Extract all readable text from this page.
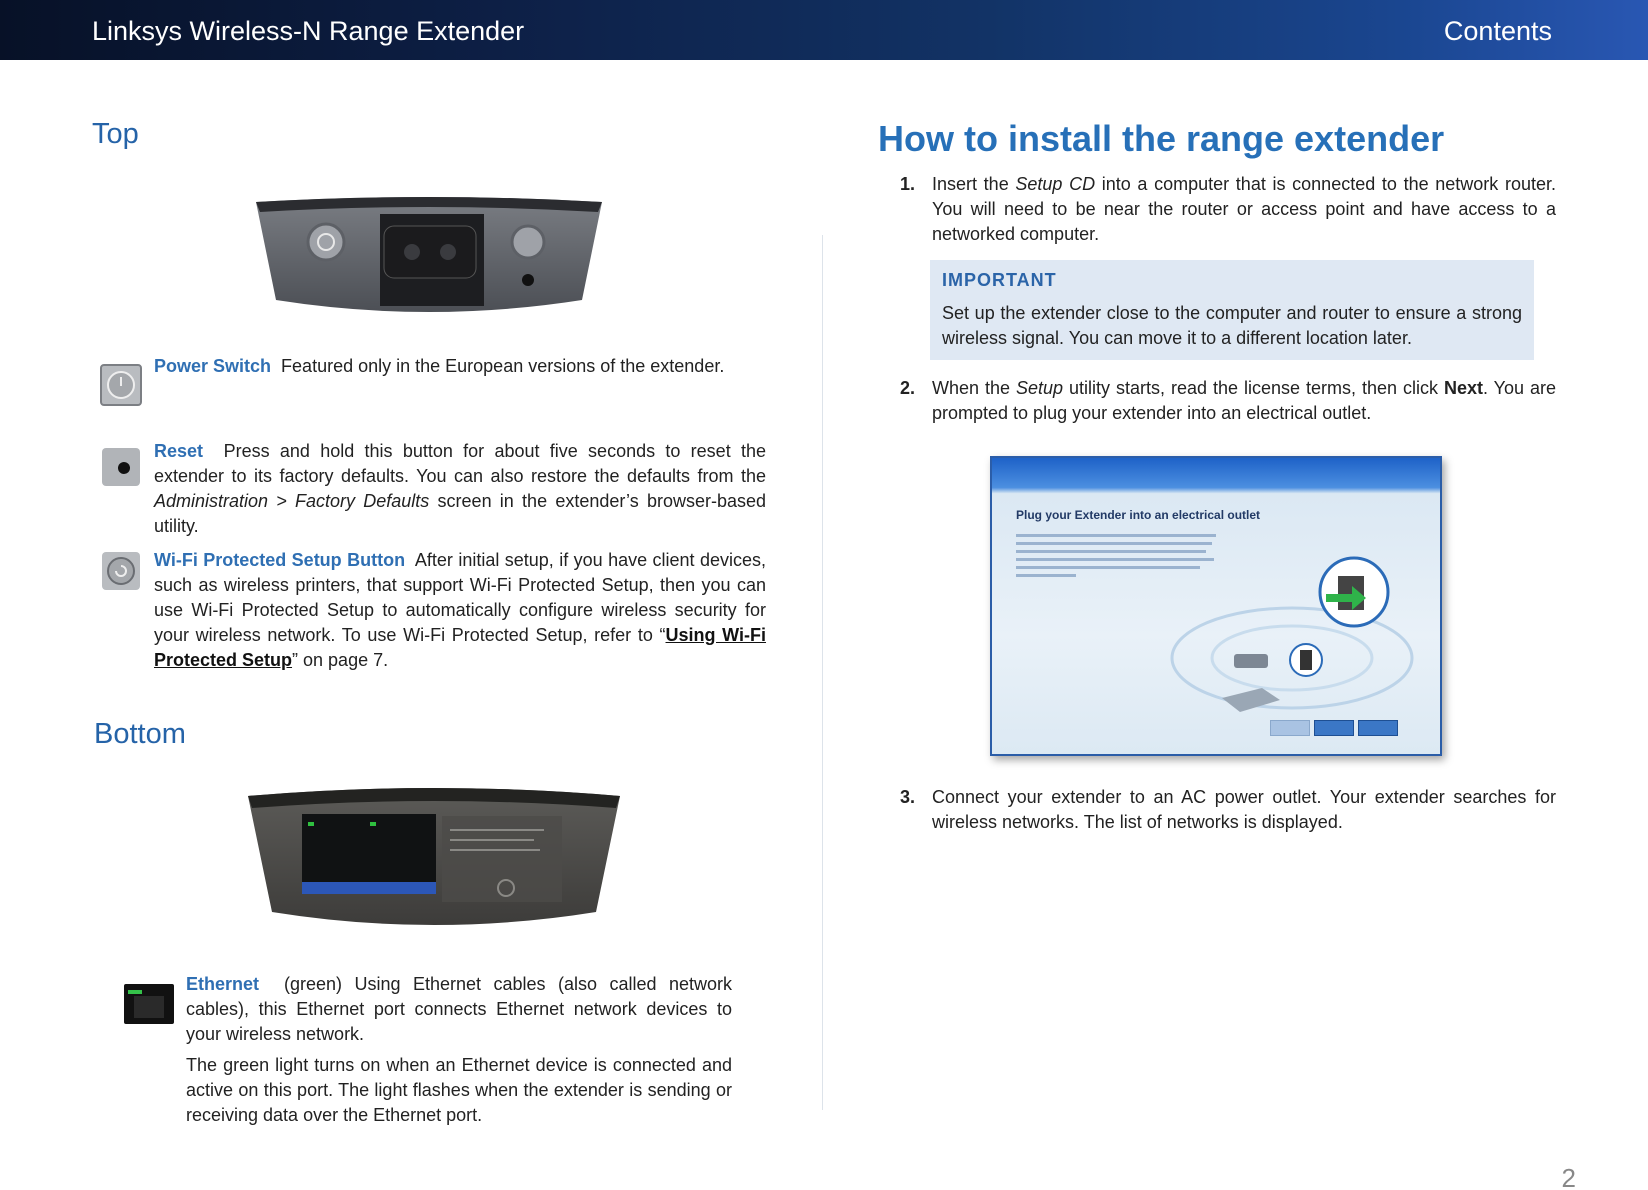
Linksys Wireless-N Range Extender	Contents
Top
Power Switch Featured only in the European versions of the extender.
Reset Press and hold this button for about five seconds to reset the extender to its factory defaults. You can also restore the defaults from the Administration > Factory Defaults screen in the extender’s browser-based utility.
Wi-Fi Protected Setup Button After initial setup, if you have client devices, such as wireless printers, that support Wi-Fi Protected Setup, then you can use Wi-Fi Protected Setup to automatically configure wireless security for your wireless network. To use Wi-Fi Protected Setup, refer to “Using Wi-Fi Protected Setup” on page 7.
Bottom
Ethernet (green) Using Ethernet cables (also called network cables), this Ethernet port connects Ethernet network devices to your wireless network.
The green light turns on when an Ethernet device is connected and active on this port. The light flashes when the extender is sending or receiving data over the Ethernet port.
How to install the range extender
1. Insert the Setup CD into a computer that is connected to the network router. You will need to be near the router or access point and have access to a networked computer.
IMPORTANT
Set up the extender close to the computer and router to ensure a strong wireless signal. You can move it to a different location later.
2. When the Setup utility starts, read the license terms, then click Next. You are prompted to plug your extender into an electrical outlet.
Plug your Extender into an electrical outlet
3. Connect your extender to an AC power outlet. Your extender searches for wireless networks. The list of networks is displayed.
2
